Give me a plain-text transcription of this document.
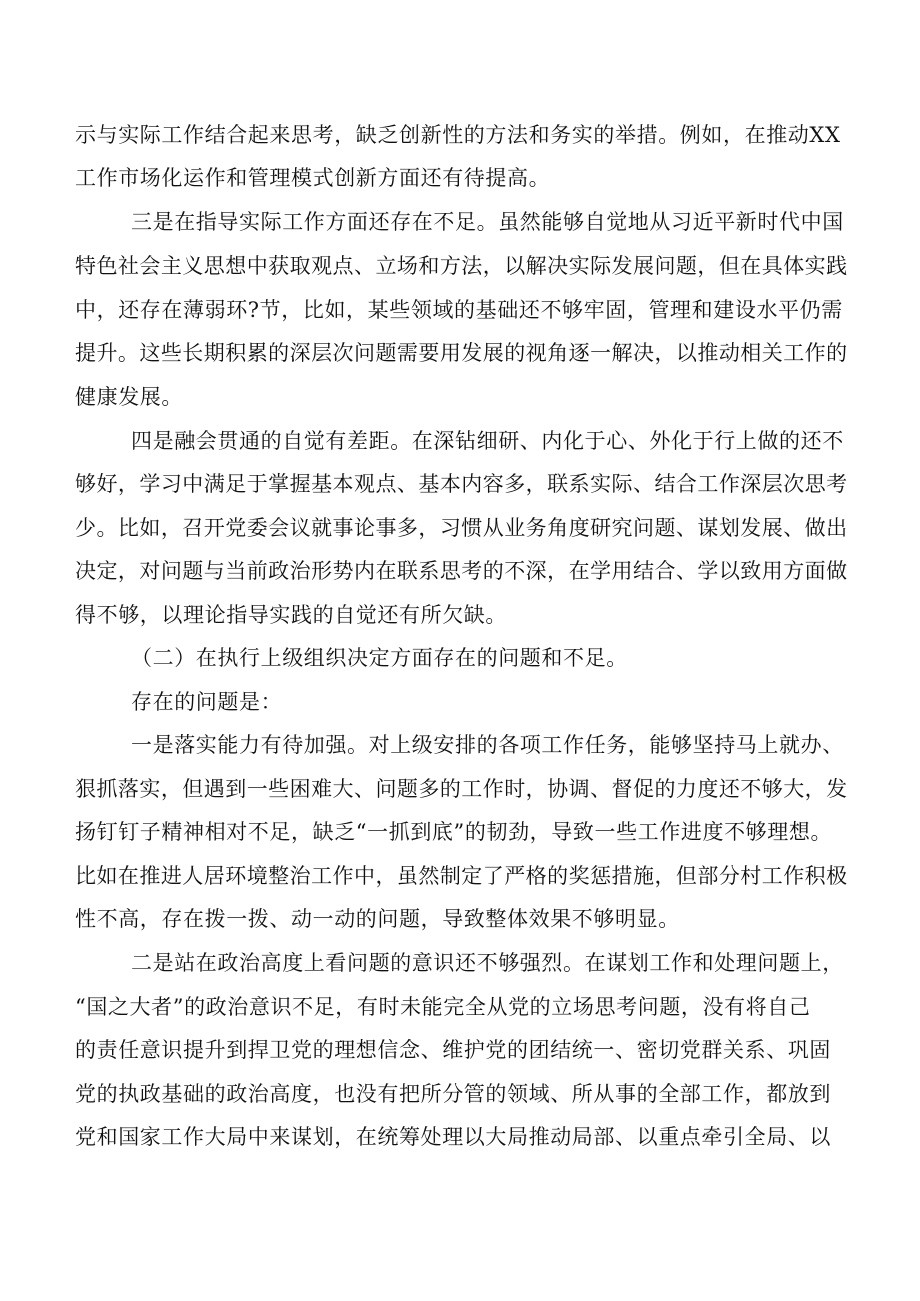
示与实际工作结合起来思考，缺乏创新性的方法和务实的举措。例如，在推动XX
工作市场化运作和管理模式创新方面还有待提高。
三是在指导实际工作方面还存在不足。虽然能够自觉地从习近平新时代中国
特色社会主义思想中获取观点、立场和方法，以解决实际发展问题，但在具体实践
中，还存在薄弱环?节，比如，某些领域的基础还不够牢固，管理和建设水平仍需
提升。这些长期积累的深层次问题需要用发展的视角逐一解决，以推动相关工作的
健康发展。
四是融会贯通的自觉有差距。在深钻细研、内化于心、外化于行上做的还不
够好，学习中满足于掌握基本观点、基本内容多，联系实际、结合工作深层次思考
少。比如，召开党委会议就事论事多，习惯从业务角度研究问题、谋划发展、做出
决定，对问题与当前政治形势内在联系思考的不深，在学用结合、学以致用方面做
得不够，以理论指导实践的自觉还有所欠缺。
（二）在执行上级组织决定方面存在的问题和不足。
存在的问题是：
一是落实能力有待加强。对上级安排的各项工作任务，能够坚持马上就办、
狠抓落实，但遇到一些困难大、问题多的工作时，协调、督促的力度还不够大，发
扬钉钉子精神相对不足，缺乏“一抓到底”的韧劲，导致一些工作进度不够理想。
比如在推进人居环境整治工作中，虽然制定了严格的奖惩措施，但部分村工作积极
性不高，存在拨一拨、动一动的问题，导致整体效果不够明显。
二是站在政治高度上看问题的意识还不够强烈。在谋划工作和处理问题上，
“国之大者”的政治意识不足，有时未能完全从党的立场思考问题，没有将自己
的责任意识提升到捍卫党的理想信念、维护党的团结统一、密切党群关系、巩固
党的执政基础的政治高度，也没有把所分管的领域、所从事的全部工作，都放到
党和国家工作大局中来谋划，在统筹处理以大局推动局部、以重点牵引全局、以
